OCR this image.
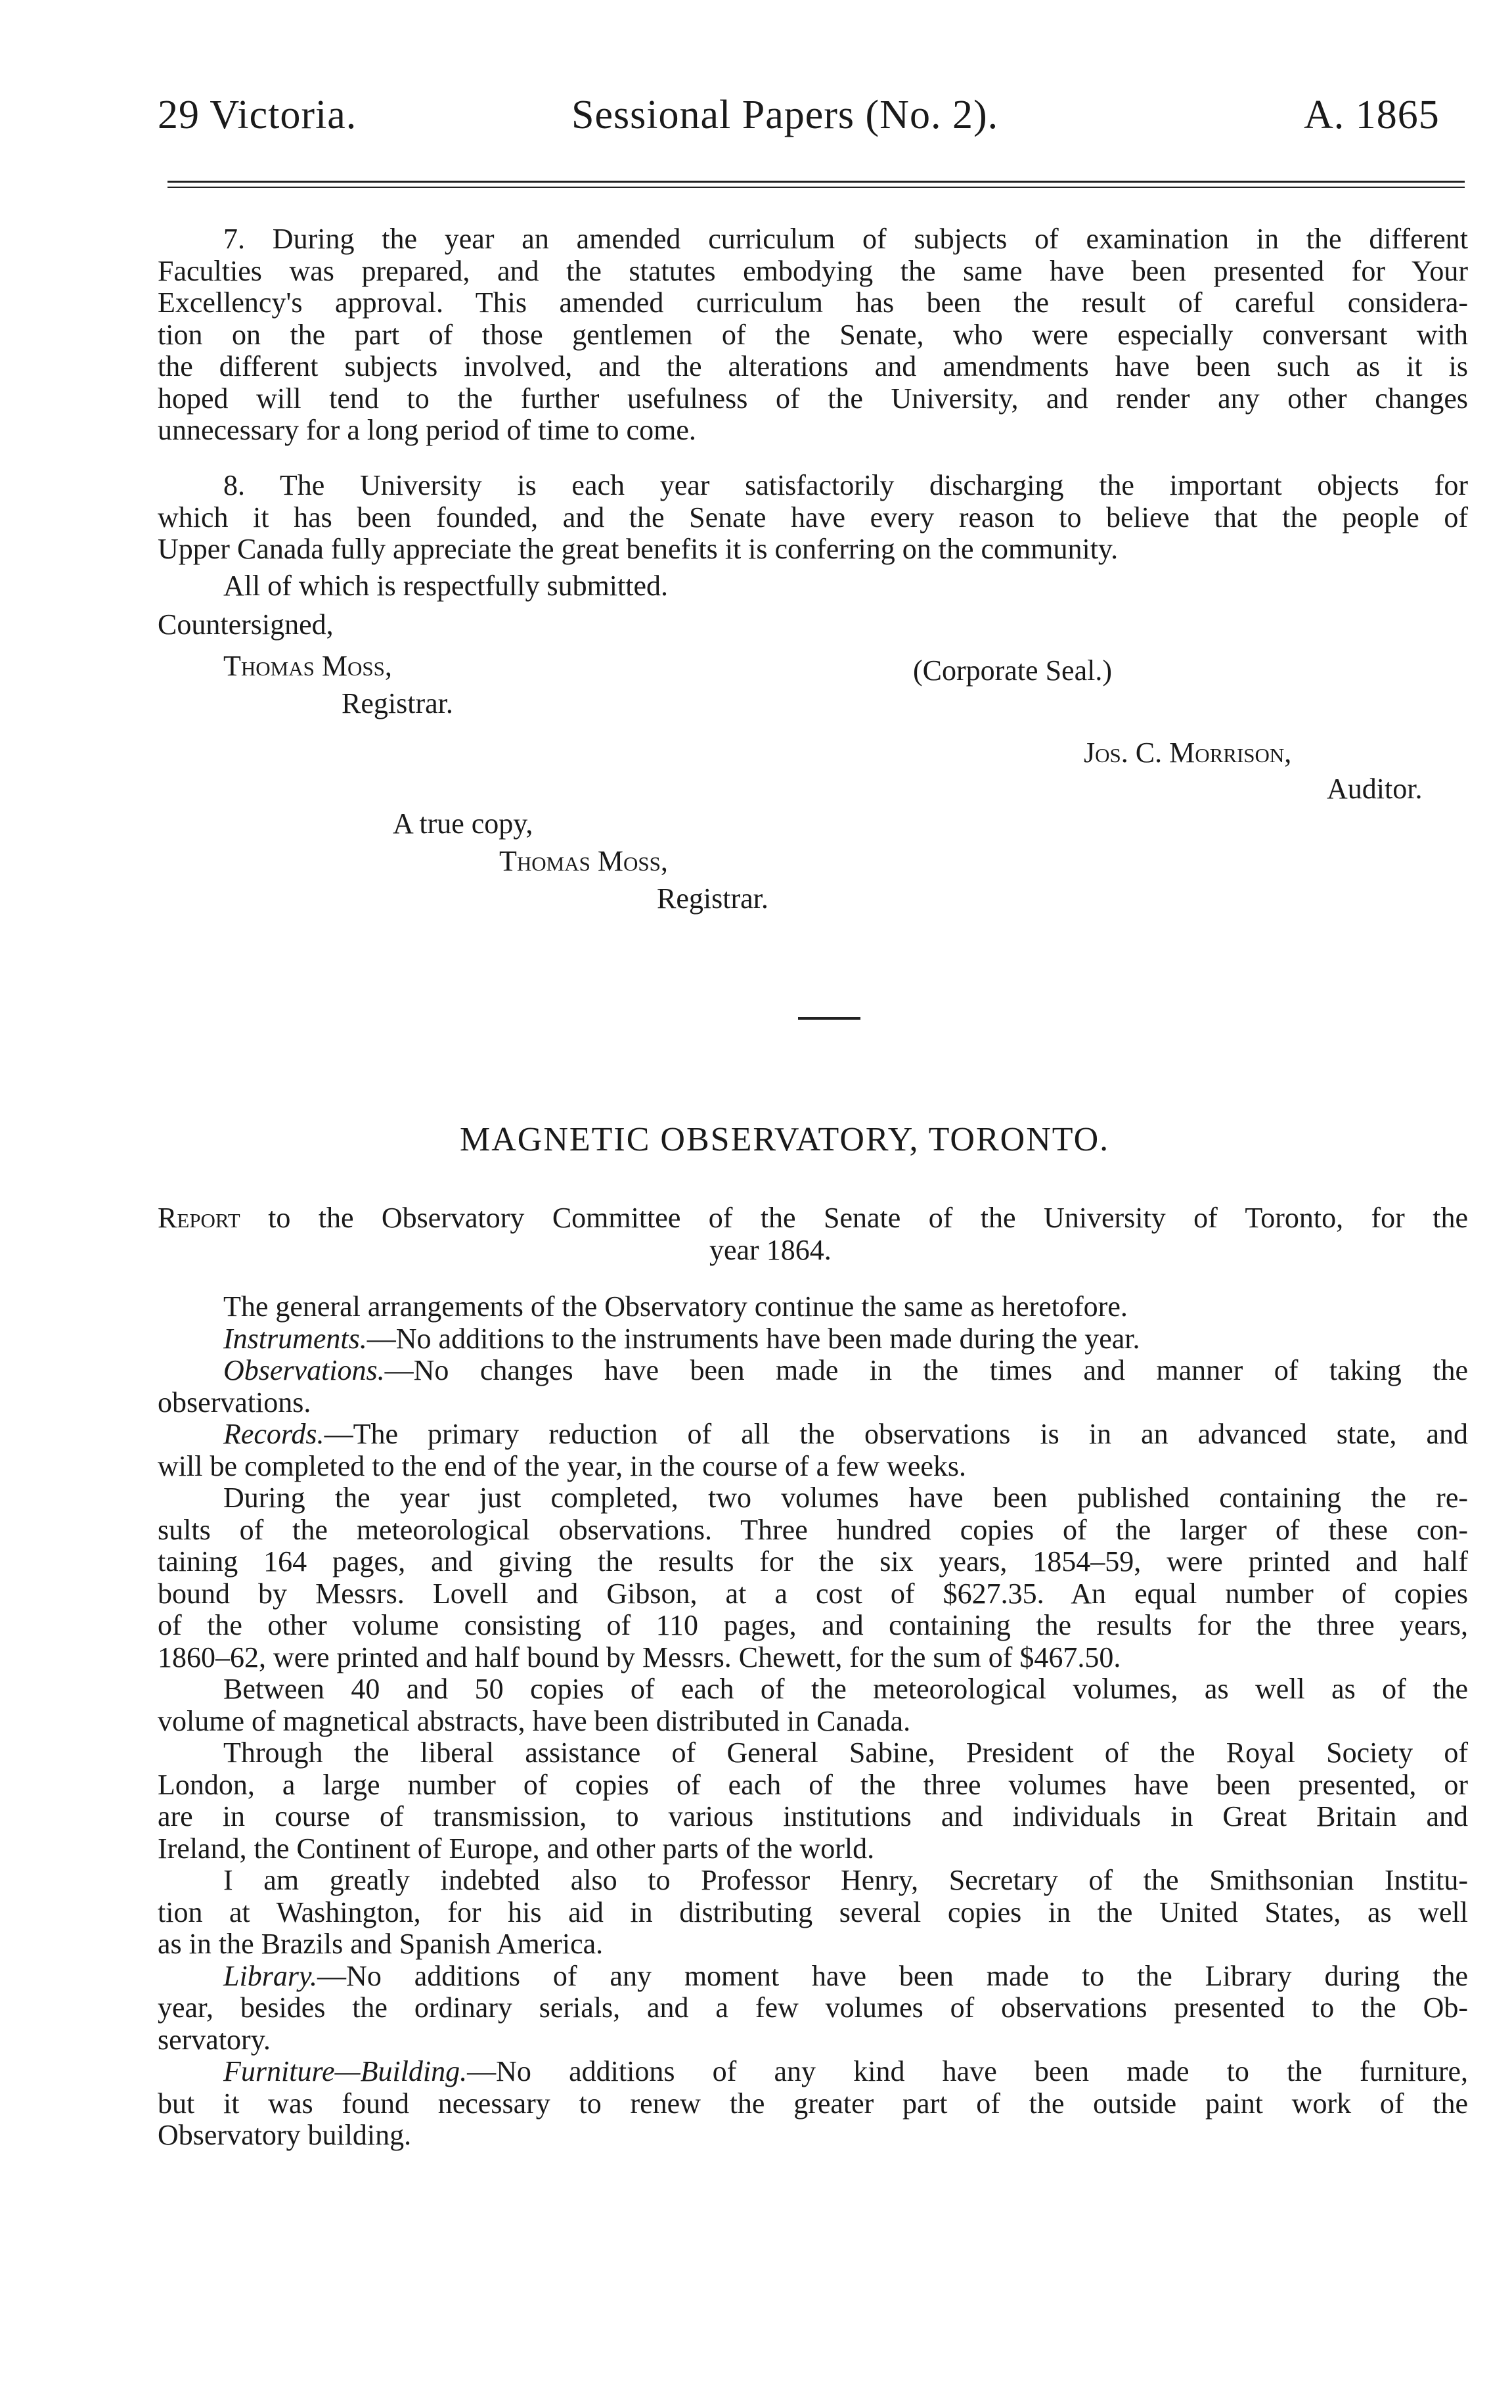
29 Victoria.	Sessional Papers (No. 2).	A. 1865
7. During the year an amended curriculum of subjects of examination in the different
Faculties was prepared, and the statutes embodying the same have been presented for Your
Excellency's approval. This amended curriculum has been the result of careful considera-
tion on the part of those gentlemen of the Senate, who were especially conversant with
the different subjects involved, and the alterations and amendments have been such as it is
hoped will tend to the further usefulness of the University, and render any other changes
unnecessary for a long period of time to come.
8. The University is each year satisfactorily discharging the important objects for
which it has been founded, and the Senate have every reason to believe that the people of
Upper Canada fully appreciate the great benefits it is conferring on the community.
All of which is respectfully submitted.
Countersigned,
Thomas Moss,
Registrar.
(Corporate Seal.)
Jos. C. Morrison,
Auditor.
A true copy,
Thomas Moss,
Registrar.
MAGNETIC OBSERVATORY, TORONTO.
Report to the Observatory Committee of the Senate of the University of Toronto, for the
year 1864.
The general arrangements of the Observatory continue the same as heretofore.
Instruments.—No additions to the instruments have been made during the year.
Observations.—No changes have been made in the times and manner of taking the
observations.
Records.—The primary reduction of all the observations is in an advanced state, and
will be completed to the end of the year, in the course of a few weeks.
During the year just completed, two volumes have been published containing the re-
sults of the meteorological observations. Three hundred copies of the larger of these con-
taining 164 pages, and giving the results for the six years, 1854–59, were printed and half
bound by Messrs. Lovell and Gibson, at a cost of $627.35. An equal number of copies
of the other volume consisting of 110 pages, and containing the results for the three years,
1860–62, were printed and half bound by Messrs. Chewett, for the sum of $467.50.
Between 40 and 50 copies of each of the meteorological volumes, as well as of the
volume of magnetical abstracts, have been distributed in Canada.
Through the liberal assistance of General Sabine, President of the Royal Society of
London, a large number of copies of each of the three volumes have been presented, or
are in course of transmission, to various institutions and individuals in Great Britain and
Ireland, the Continent of Europe, and other parts of the world.
I am greatly indebted also to Professor Henry, Secretary of the Smithsonian Institu-
tion at Washington, for his aid in distributing several copies in the United States, as well
as in the Brazils and Spanish America.
Library.—No additions of any moment have been made to the Library during the
year, besides the ordinary serials, and a few volumes of observations presented to the Ob-
servatory.
Furniture—Building.—No additions of any kind have been made to the furniture,
but it was found necessary to renew the greater part of the outside paint work of the
Observatory building.
